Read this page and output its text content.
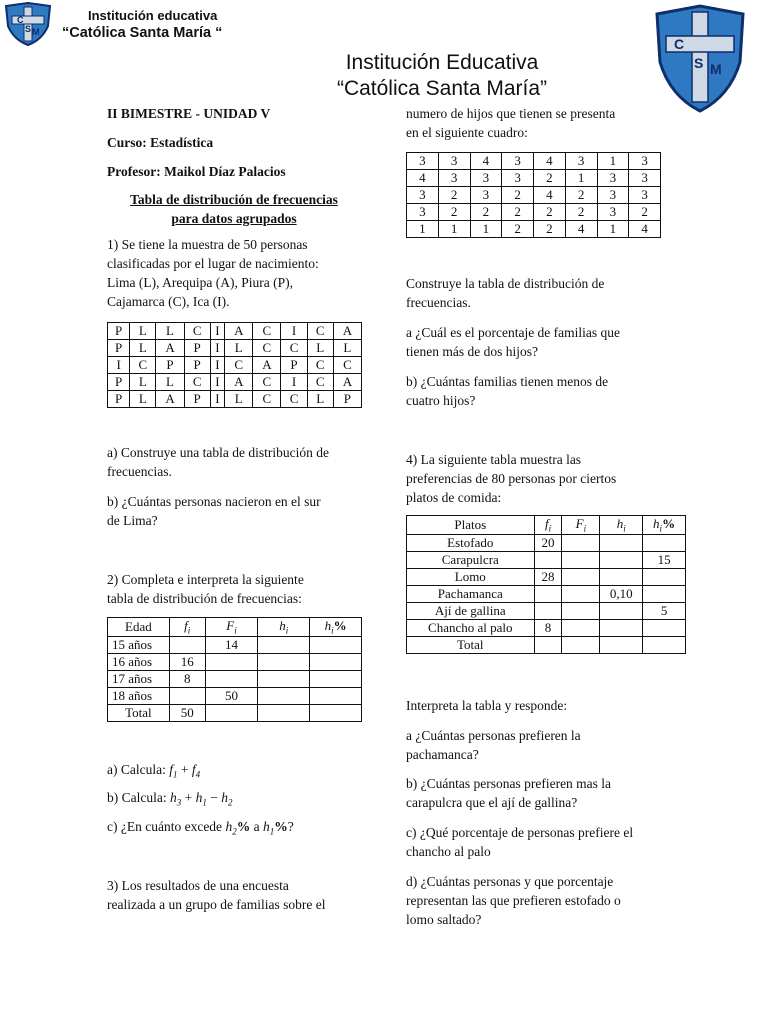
C
S M
Institución educativa
“Católica Santa María “
Institución Educativa
“Católica Santa María”
C
S M
II BIMESTRE - UNIDAD V
Curso: Estadística
Profesor: Maikol Díaz Palacios
Tabla de distribución de frecuencias
para datos agrupados
1) Se tiene la muestra de 50 personas
clasificadas por el lugar de nacimiento:
Lima (L), Arequipa (A), Piura (P),
Cajamarca (C), Ica (I).
P	L	L	C	I	A	C	I	C	A
P	L	A	P	I	L	C	C	L	L
I	C	P	P	I	C	A	P	C	C
P	L	L	C	I	A	C	I	C	A
P	L	A	P	I	L	C	C	L	P
a) Construye una tabla de distribución de
frecuencias.
b) ¿Cuántas personas nacieron en el sur
de Lima?
2) Completa e interpreta la siguiente
tabla de distribución de frecuencias:
Edad	$f_i$	$F_i$	$h_i$	$h_i\%$
15 años		14		
16 años	16			
17 años	8			
18 años		50		
Total	50			
a) Calcula: $f_1 + f_4$
b) Calcula: $h_3 + h_1 - h_2$
c) ¿En cuánto excede $h_2\%$ a $h_1\%$?
3) Los resultados de una encuesta
realizada a un grupo de familias sobre el
numero de hijos que tienen se presenta
en el siguiente cuadro:
3	3	4	3	4	3	1	3
4	3	3	3	2	1	3	3
3	2	3	2	4	2	3	3
3	2	2	2	2	2	3	2
1	1	1	2	2	4	1	4
Construye la tabla de distribución de
frecuencias.
a ¿Cuál es el porcentaje de familias que
tienen más de dos hijos?
b) ¿Cuántas familias tienen menos de
cuatro hijos?
4) La siguiente tabla muestra las
preferencias de 80 personas por ciertos
platos de comida:
Platos	$f_i$	$F_i$	$h_i$	$h_i\%$
Estofado	20			
Carapulcra				15
Lomo	28			
Pachamanca			0,10	
Ají de gallina				5
Chancho al palo	8			
Total				
Interpreta la tabla y responde:
a ¿Cuántas personas prefieren la
pachamanca?
b) ¿Cuántas personas prefieren mas la
carapulcra que el ají de gallina?
c) ¿Qué porcentaje de personas prefiere el
chancho al palo
d) ¿Cuántas personas y que porcentaje
representan las que prefieren estofado o
lomo saltado?
